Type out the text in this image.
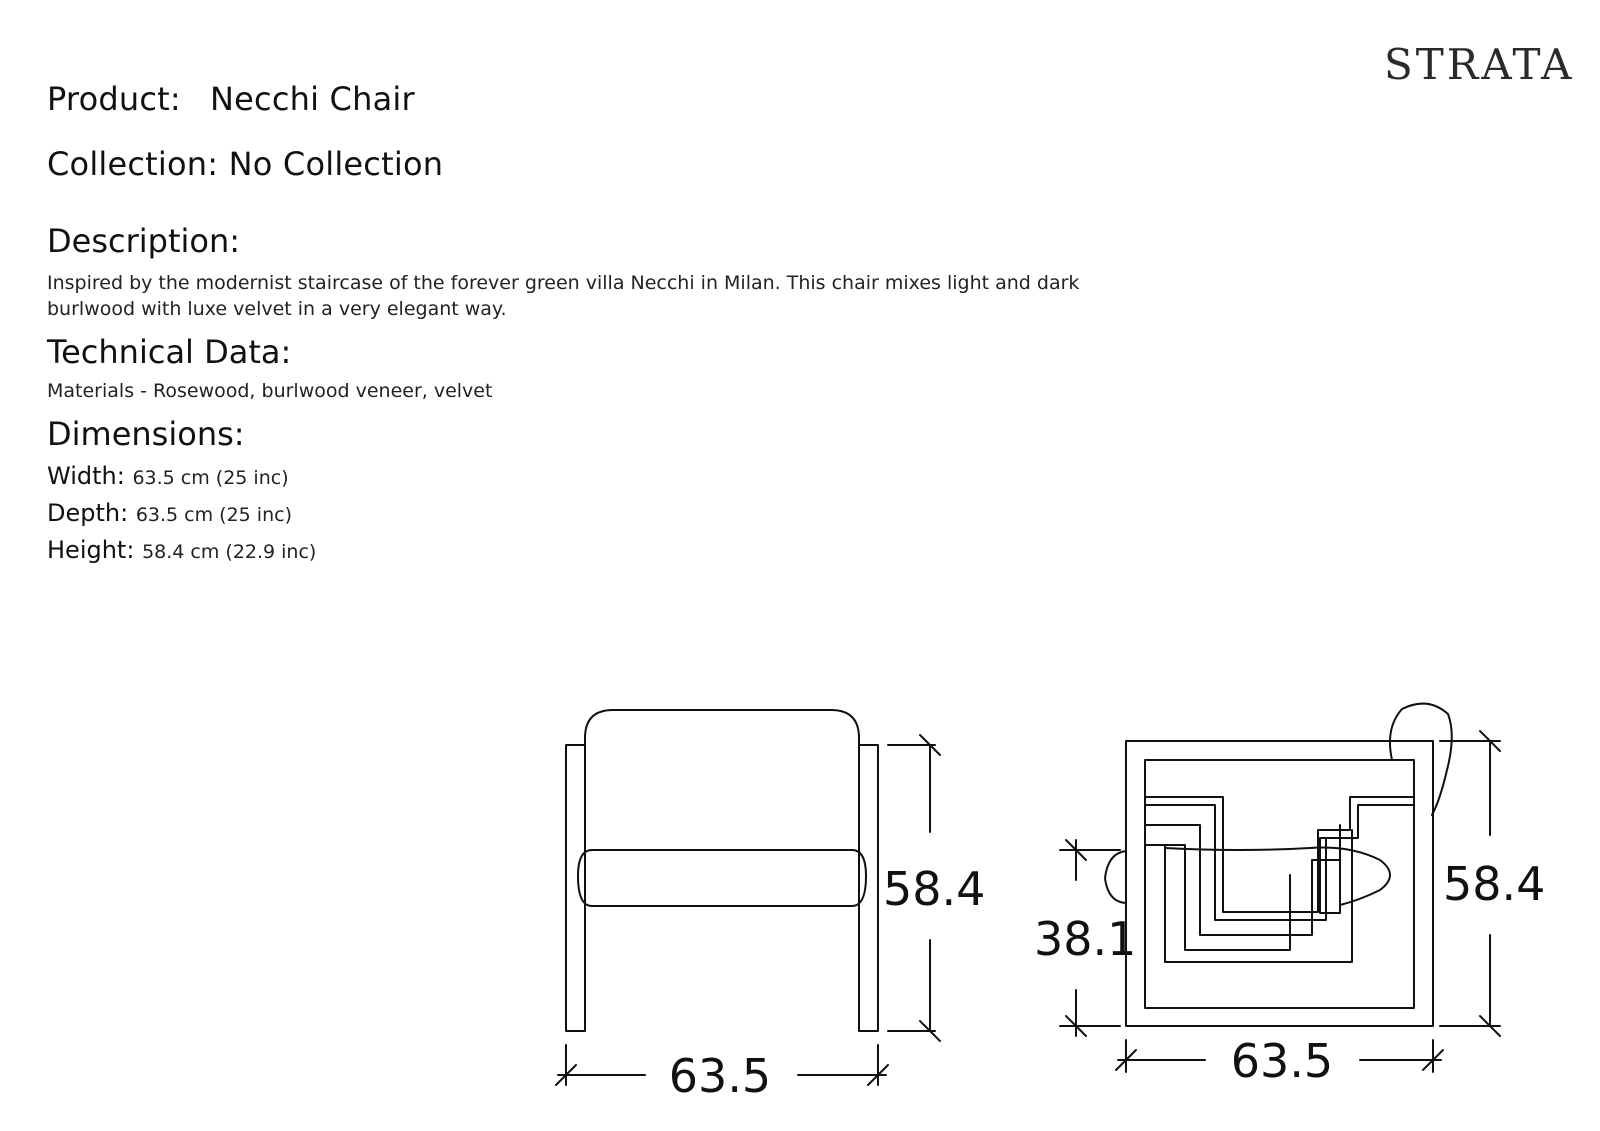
STRATA
Product: Necchi Chair
Collection: No Collection
Description:
Inspired by the modernist staircase of the forever green villa Necchi in Milan. This chair mixes light and dark burlwood with luxe velvet in a very elegant way.
Technical Data:
Materials - Rosewood, burlwood veneer, velvet
Dimensions:
Width: 63.5 cm (25 inc)
Depth: 63.5 cm (25 inc)
Height: 58.4 cm (22.9 inc)
58.4
63.5
38.1
58.4
63.5
